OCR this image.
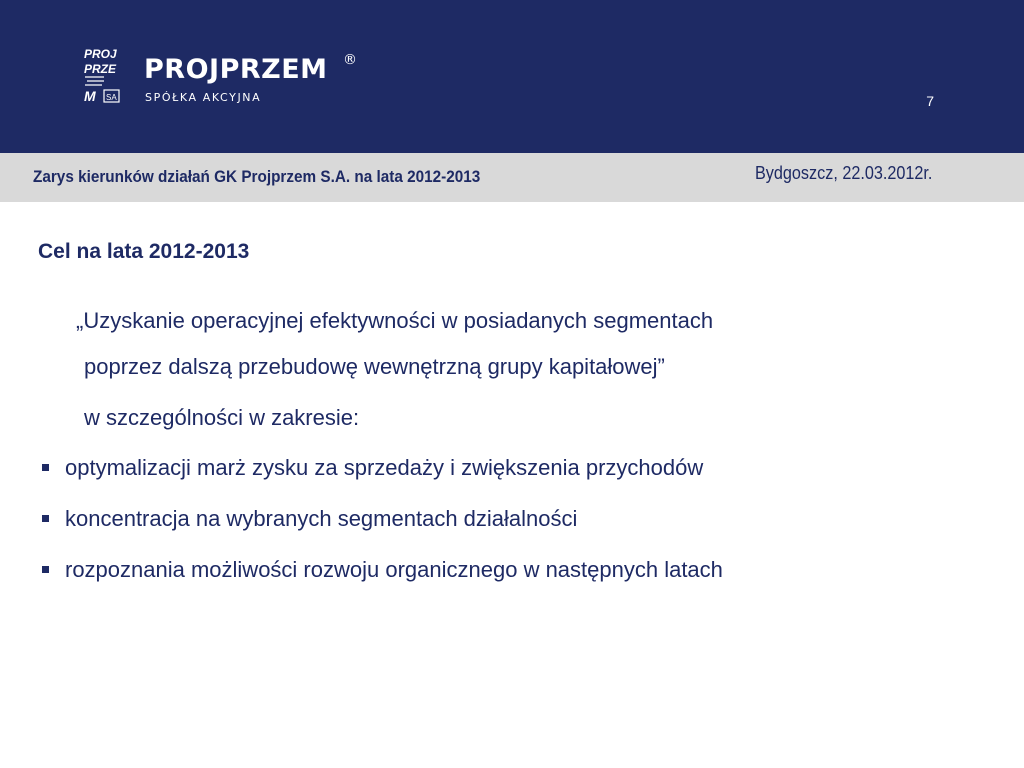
PROJ
PRZE
M SA
PROJPRZEM ®
SPÓŁKA AKCYJNA	7
Zarys kierunków działań GK Projprzem S.A. na lata 2012-2013	Bydgoszcz, 22.03.2012r.
Cel na lata 2012-2013
„Uzyskanie operacyjnej efektywności w posiadanych segmentach
poprzez dalszą przebudowę wewnętrzną grupy kapitałowej”
w szczególności w zakresie:
optymalizacji marż zysku za sprzedaży i zwiększenia przychodów
koncentracja na wybranych segmentach działalności
rozpoznania możliwości rozwoju organicznego w następnych latach
